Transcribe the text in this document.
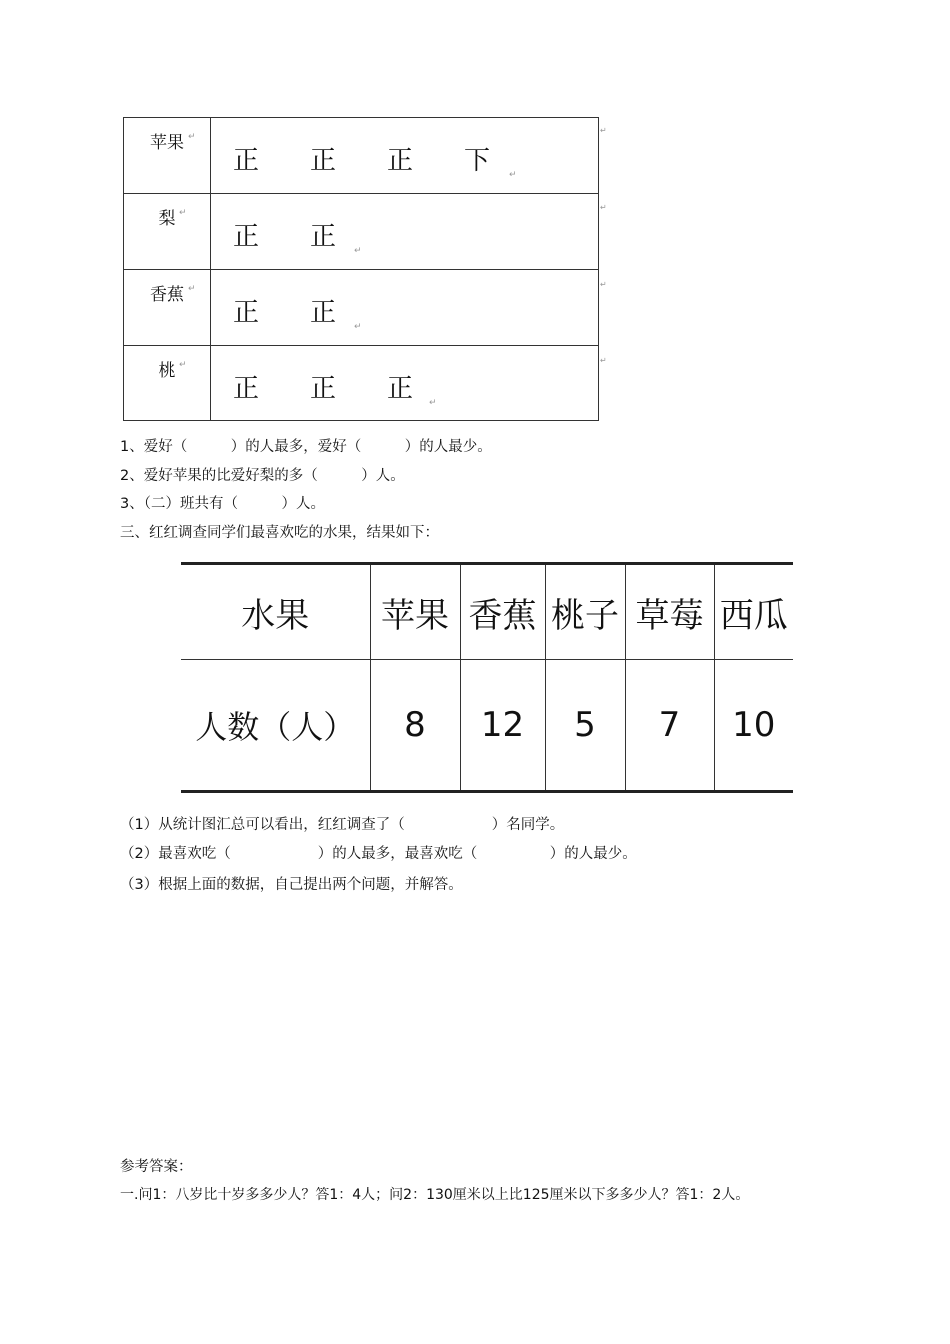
苹果 ↵	正 正 正 下 ↵

梨 ↵	正 正 ↵

香蕉 ↵	正 正 ↵

桃 ↵	正 正 正 ↵
↵
↵
↵
↵
1、爱好（　　　）的人最多，爱好（　　　）的人最少。
2、爱好苹果的比爱好梨的多（　　　）人。
3、（二）班共有（　　　）人。
三、红红调查同学们最喜欢吃的水果，结果如下：
水果	苹果	香蕉	桃子	草莓	西瓜
人数（人）	8	12	5	7	10
（1）从统计图汇总可以看出，红红调查了（　　　　　　）名同学。
（2）最喜欢吃（　　　　　　）的人最多，最喜欢吃（　　　　　）的人最少。
（3）根据上面的数据，自己提出两个问题，并解答。
参考答案：
一.问1：八岁比十岁多多少人？答1：4人；问2：130厘米以上比125厘米以下多多少人？答1：2人。
